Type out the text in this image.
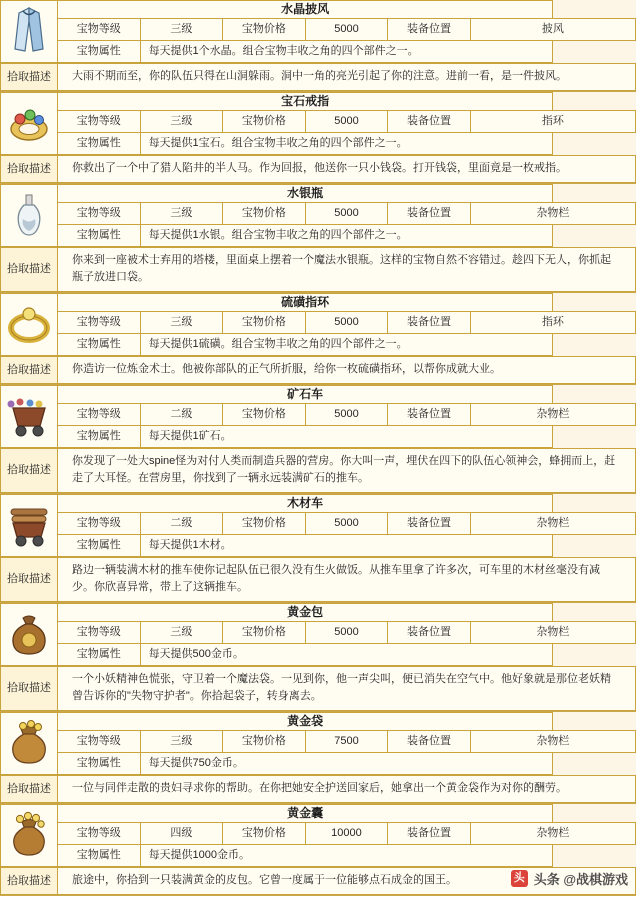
	水晶披风					
	宝物等级	三级	宝物价格	5000	装备位置	披风
	宝物属性	每天提供1个水晶。组合宝物丰收之角的四个部件之一。				
拾取描述	大雨不期而至，你的队伍只得在山洞躲雨。洞中一角的亮光引起了你的注意。进前一看，是一件披风。
	宝石戒指					
	宝物等级	三级	宝物价格	5000	装备位置	指环
	宝物属性	每天提供1宝石。组合宝物丰收之角的四个部件之一。				
拾取描述	你救出了一个中了猎人陷井的半人马。作为回报，他送你一只小钱袋。打开钱袋，里面竟是一枚戒指。
	水银瓶					
	宝物等级	三级	宝物价格	5000	装备位置	杂物栏
	宝物属性	每天提供1水银。组合宝物丰收之角的四个部件之一。				
拾取描述	你来到一座被术士弃用的塔楼，里面桌上摆着一个魔法水银瓶。这样的宝物自然不容错过。趁四下无人，你抓起瓶子放进口袋。
	硫磺指环					
	宝物等级	三级	宝物价格	5000	装备位置	指环
	宝物属性	每天提供1硫磺。组合宝物丰收之角的四个部件之一。				
拾取描述	你造访一位炼金术士。他被你部队的正气所折服，给你一枚硫磺指环，以帮你成就大业。
	矿石车					
	宝物等级	二级	宝物价格	5000	装备位置	杂物栏
	宝物属性	每天提供1矿石。				
拾取描述	你发现了一处大spine怪为对付人类而制造兵器的营房。你大叫一声，埋伏在四下的队伍心领神会，蜂拥而上，赶走了大耳怪。在营房里，你找到了一辆永远装满矿石的推车。
	木材车					
	宝物等级	二级	宝物价格	5000	装备位置	杂物栏
	宝物属性	每天提供1木材。				
拾取描述	路边一辆装满木材的推车使你记起队伍已很久没有生火做饭。从推车里拿了许多次，可车里的木材丝毫没有减少。你欣喜异常，带上了这辆推车。
	黄金包					
	宝物等级	三级	宝物价格	5000	装备位置	杂物栏
	宝物属性	每天提供500金币。				
拾取描述	一个小妖精神色慌张，守卫着一个魔法袋。一见到你，他一声尖叫，便已消失在空气中。他好象就是那位老妖精曾告诉你的"失物守护者"。你拾起袋子，转身离去。
	黄金袋					
	宝物等级	三级	宝物价格	7500	装备位置	杂物栏
	宝物属性	每天提供750金币。				
拾取描述	一位与同伴走散的贵妇寻求你的帮助。在你把她安全护送回家后，她拿出一个黄金袋作为对你的酬劳。
	黄金囊					
	宝物等级	四级	宝物价格	10000	装备位置	杂物栏
	宝物属性	每天提供1000金币。				
拾取描述	旅途中，你拾到一只装满黄金的皮包。它曾一度属于一位能够点石成金的国王。	头 头条 @战棋游戏
